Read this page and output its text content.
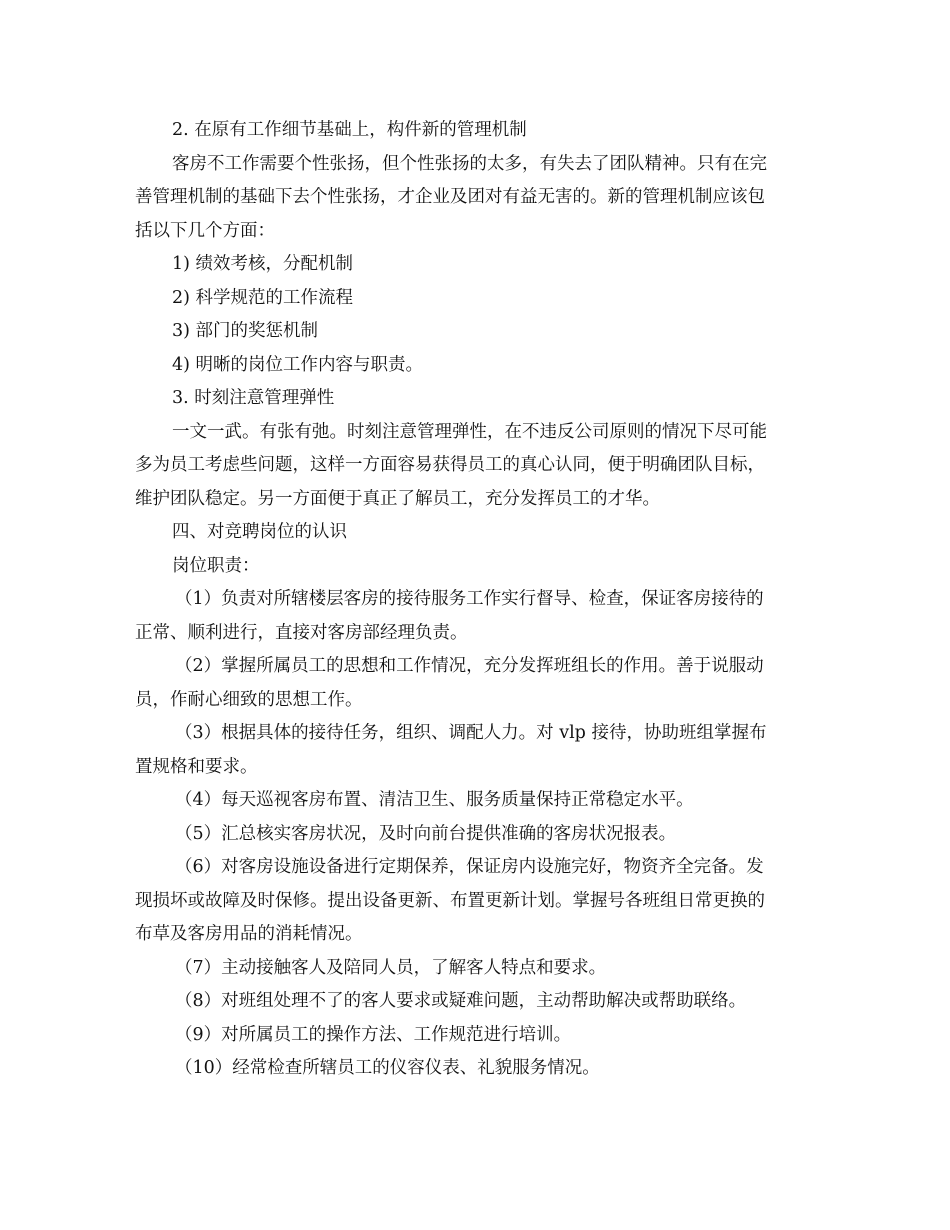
2. 在原有工作细节基础上，构件新的管理机制
客房不工作需要个性张扬，但个性张扬的太多，有失去了团队精神。只有在完
善管理机制的基础下去个性张扬，才企业及团对有益无害的。新的管理机制应该包
括以下几个方面：
1) 绩效考核，分配机制
2) 科学规范的工作流程
3) 部门的奖惩机制
4) 明晰的岗位工作内容与职责。
3. 时刻注意管理弹性
一文一武。有张有弛。时刻注意管理弹性，在不违反公司原则的情况下尽可能
多为员工考虑些问题，这样一方面容易获得员工的真心认同，便于明确团队目标，
维护团队稳定。另一方面便于真正了解员工，充分发挥员工的才华。
四、对竞聘岗位的认识
岗位职责：
（1）负责对所辖楼层客房的接待服务工作实行督导、检查，保证客房接待的
正常、顺利进行，直接对客房部经理负责。
（2）掌握所属员工的思想和工作情况，充分发挥班组长的作用。善于说服动
员，作耐心细致的思想工作。
（3）根据具体的接待任务，组织、调配人力。对 vlp 接待，协助班组掌握布
置规格和要求。
（4）每天巡视客房布置、清洁卫生、服务质量保持正常稳定水平。
（5）汇总核实客房状况，及时向前台提供准确的客房状况报表。
（6）对客房设施设备进行定期保养，保证房内设施完好，物资齐全完备。发
现损坏或故障及时保修。提出设备更新、布置更新计划。掌握号各班组日常更换的
布草及客房用品的消耗情况。
（7）主动接触客人及陪同人员，了解客人特点和要求。
（8）对班组处理不了的客人要求或疑难问题，主动帮助解决或帮助联络。
（9）对所属员工的操作方法、工作规范进行培训。
（10）经常检查所辖员工的仪容仪表、礼貌服务情况。
